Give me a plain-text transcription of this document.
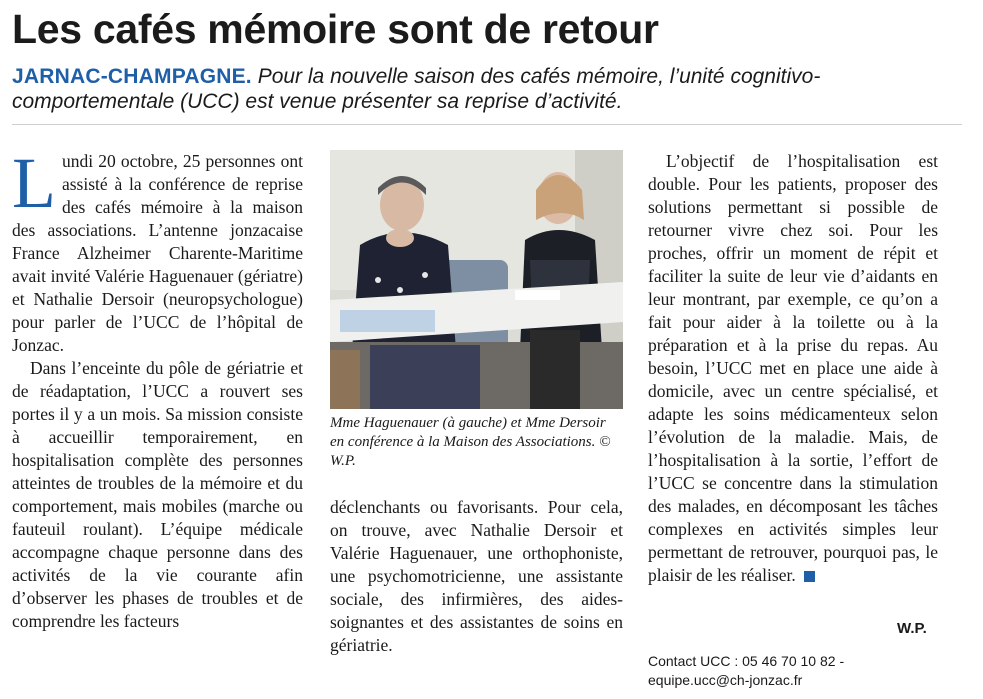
Les cafés mémoire sont de retour
JARNAC-CHAMPAGNE. Pour la nouvelle saison des cafés mémoire, l’unité cognitivo-comportementale (UCC) est venue présenter sa reprise d’activité.

Lundi 20 octobre, 25 personnes ont assisté à la conférence de reprise des cafés mémoire à la maison des associations. L’antenne jonzacaise France Alzheimer Charente-Maritime avait invité Valérie Haguenauer (gériatre) et Nathalie Dersoir (neuropsychologue) pour parler de l’UCC de l’hôpital de Jonzac.

Dans l’enceinte du pôle de gériatrie et de réadaptation, l’UCC a rouvert ses portes il y a un mois. Sa mission consiste à accueillir temporairement, en hospitalisation complète des personnes atteintes de troubles de la mémoire et du comportement, mais mobiles (marche ou fauteuil roulant). L’équipe médicale accompagne chaque personne dans des activités de la vie courante afin d’observer les phases de troubles et de comprendre les facteurs

Mme Haguenauer (à gauche) et Mme Dersoir en conférence à la Maison des Associations. © W.P.

déclenchants ou favorisants. Pour cela, on trouve, avec Nathalie Dersoir et Valérie Haguenauer, une orthophoniste, une psychomotricienne, une assistante sociale, des infirmières, des aides-soignantes et des assistantes de soins en gériatrie.

L’objectif de l’hospitalisation est double. Pour les patients, proposer des solutions permettant si possible de retourner vivre chez soi. Pour les proches, offrir un moment de répit et faciliter la suite de leur vie d’aidants en leur montrant, par exemple, ce qu’on a fait pour aider à la toilette ou à la préparation et à la prise du repas. Au besoin, l’UCC met en place une aide à domicile, avec un centre spécialisé, et adapte les soins médicamenteux selon l’évolution de la maladie. Mais, de l’hospitalisation à la sortie, l’effort de l’UCC se concentre dans la stimulation des malades, en décomposant les tâches complexes en activités simples leur permettant de retrouver, pourquoi pas, le plaisir de les réaliser.

W.P.
Contact UCC : 05 46 70 10 82 -
equipe.ucc@ch-jonzac.fr
